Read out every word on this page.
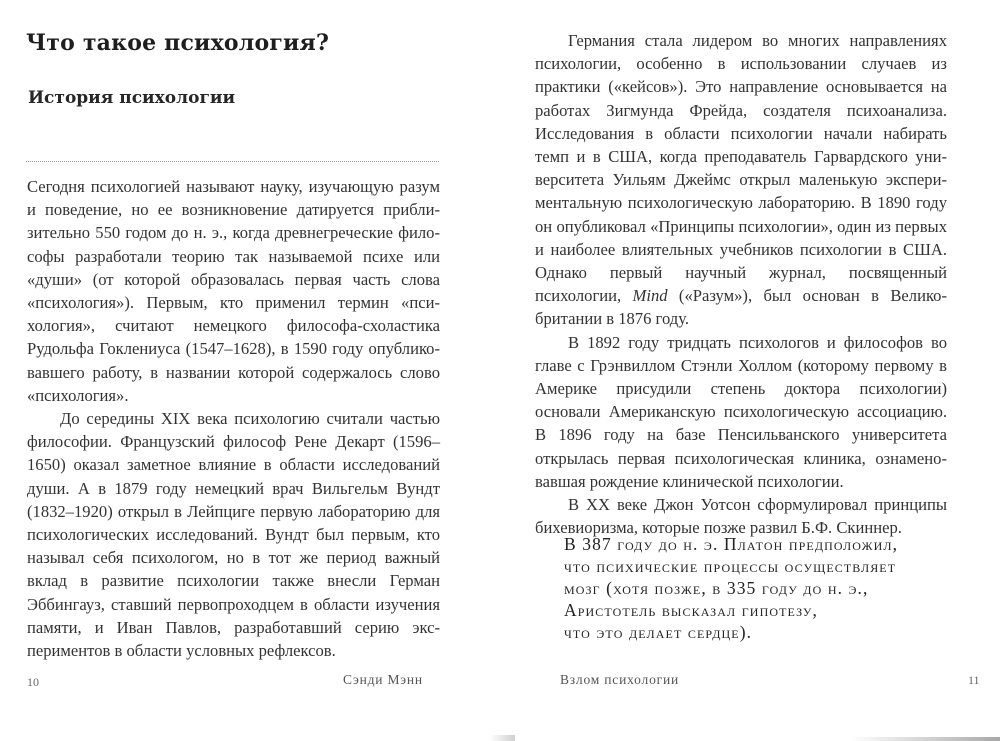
Что такое психология?
История психологии

Сегодня психологией называют науку, изучающую разум и поведение, но ее возникновение датируется приблизительно 550 годом до н. э., когда древнегреческие философы разработали теорию так называемой психе или «души» (от которой образовалась первая часть слова «психология»). Первым, кто применил термин «психология», считают немецкого философа-схоластика Рудольфа Гоклениуса (1547–1628), в 1590 году опубликовавшего работу, в названии которой содержалось слово «психология».

До середины XIX века психологию считали частью философии. Французский философ Рене Декарт (1596–1650) оказал заметное влияние в области исследований души. А в 1879 году немецкий врач Вильгельм Вундт (1832–1920) открыл в Лейпциге первую лабораторию для психологических исследований. Вундт был первым, кто называл себя психологом, но в тот же период важный вклад в развитие психологии также внесли Герман Эббингауз, ставший первопроходцем в области изучения памяти, и Иван Павлов, разработавший серию экспериментов в области условных рефлексов.

10	Сэнди Мэнн

Германия стала лидером во многих направлениях психологии, особенно в использовании случаев из практики («кейсов»). Это направление основывается на работах Зигмунда Фрейда, создателя психоанализа. Исследования в области психологии начали набирать темп и в США, когда преподаватель Гарвардского университета Уильям Джеймс открыл маленькую экспериментальную психологическую лабораторию. В 1890 году он опубликовал «Принципы психологии», один из первых и наиболее влиятельных учебников психологии в США. Однако первый научный журнал, посвященный психологии, Mind («Разум»), был основан в Великобритании в 1876 году.

В 1892 году тридцать психологов и философов во главе с Грэнвиллом Стэнли Холлом (которому первому в Америке присудили степень доктора психологии) основали Американскую психологическую ассоциацию. В 1896 году на базе Пенсильванского университета открылась первая психологическая клиника, ознаменовавшая рождение клинической психологии.

В XX веке Джон Уотсон сформулировал принципы бихевиоризма, которые позже развил Б.Ф. Скиннер.

В 387 году до н. э. Платон предположил,
что психические процессы осуществляет
мозг (хотя позже, в 335 году до н. э.,
Аристотель высказал гипотезу,
что это делает сердце).
Взлом психологии	11
